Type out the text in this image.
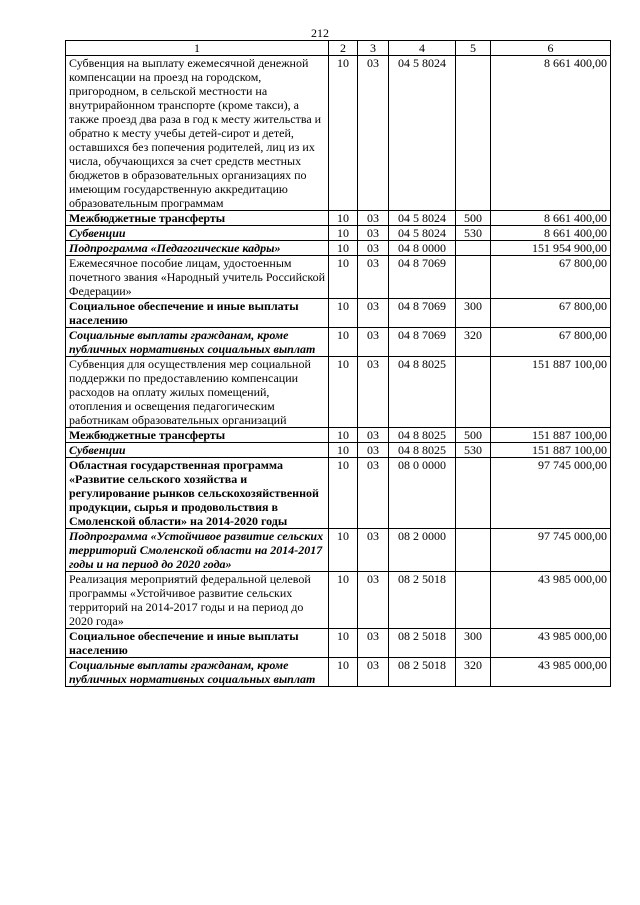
212
1	2	3	4	5	6
Субвенция на выплату ежемесячной денежной компенсации на проезд на городском, пригородном, в сельской местности на внутрирайонном транспорте (кроме такси), а также проезд два раза в год к месту жительства и обратно к месту учебы детей-сирот и детей, оставшихся без попечения родителей, лиц из их числа, обучающихся за счет средств местных бюджетов в образовательных организациях по имеющим государственную аккредитацию образовательным программам	10	03	04 5 8024		8 661 400,00
Межбюджетные трансферты	10	03	04 5 8024	500	8 661 400,00
Субвенции	10	03	04 5 8024	530	8 661 400,00
Подпрограмма «Педагогические кадры»	10	03	04 8 0000		151 954 900,00
Ежемесячное пособие лицам, удостоенным почетного звания «Народный учитель Российской Федерации»	10	03	04 8 7069		67 800,00
Социальное обеспечение и иные выплаты населению	10	03	04 8 7069	300	67 800,00
Социальные выплаты гражданам, кроме публичных нормативных социальных выплат	10	03	04 8 7069	320	67 800,00
Субвенция для осуществления мер социальной поддержки по предоставлению компенсации расходов на оплату жилых помещений, отопления и освещения педагогическим работникам образовательных организаций	10	03	04 8 8025		151 887 100,00
Межбюджетные трансферты	10	03	04 8 8025	500	151 887 100,00
Субвенции	10	03	04 8 8025	530	151 887 100,00
Областная государственная программа «Развитие сельского хозяйства и регулирование рынков сельскохозяйственной продукции, сырья и продовольствия в Смоленской области» на 2014-2020 годы	10	03	08 0 0000		97 745 000,00
Подпрограмма «Устойчивое развитие сельских территорий Смоленской области на 2014-2017 годы и на период до 2020 года»	10	03	08 2 0000		97 745 000,00
Реализация мероприятий федеральной целевой программы «Устойчивое развитие сельских территорий на 2014-2017 годы и на период до 2020 года»	10	03	08 2 5018		43 985 000,00
Социальное обеспечение и иные выплаты населению	10	03	08 2 5018	300	43 985 000,00
Социальные выплаты гражданам, кроме публичных нормативных социальных выплат	10	03	08 2 5018	320	43 985 000,00
